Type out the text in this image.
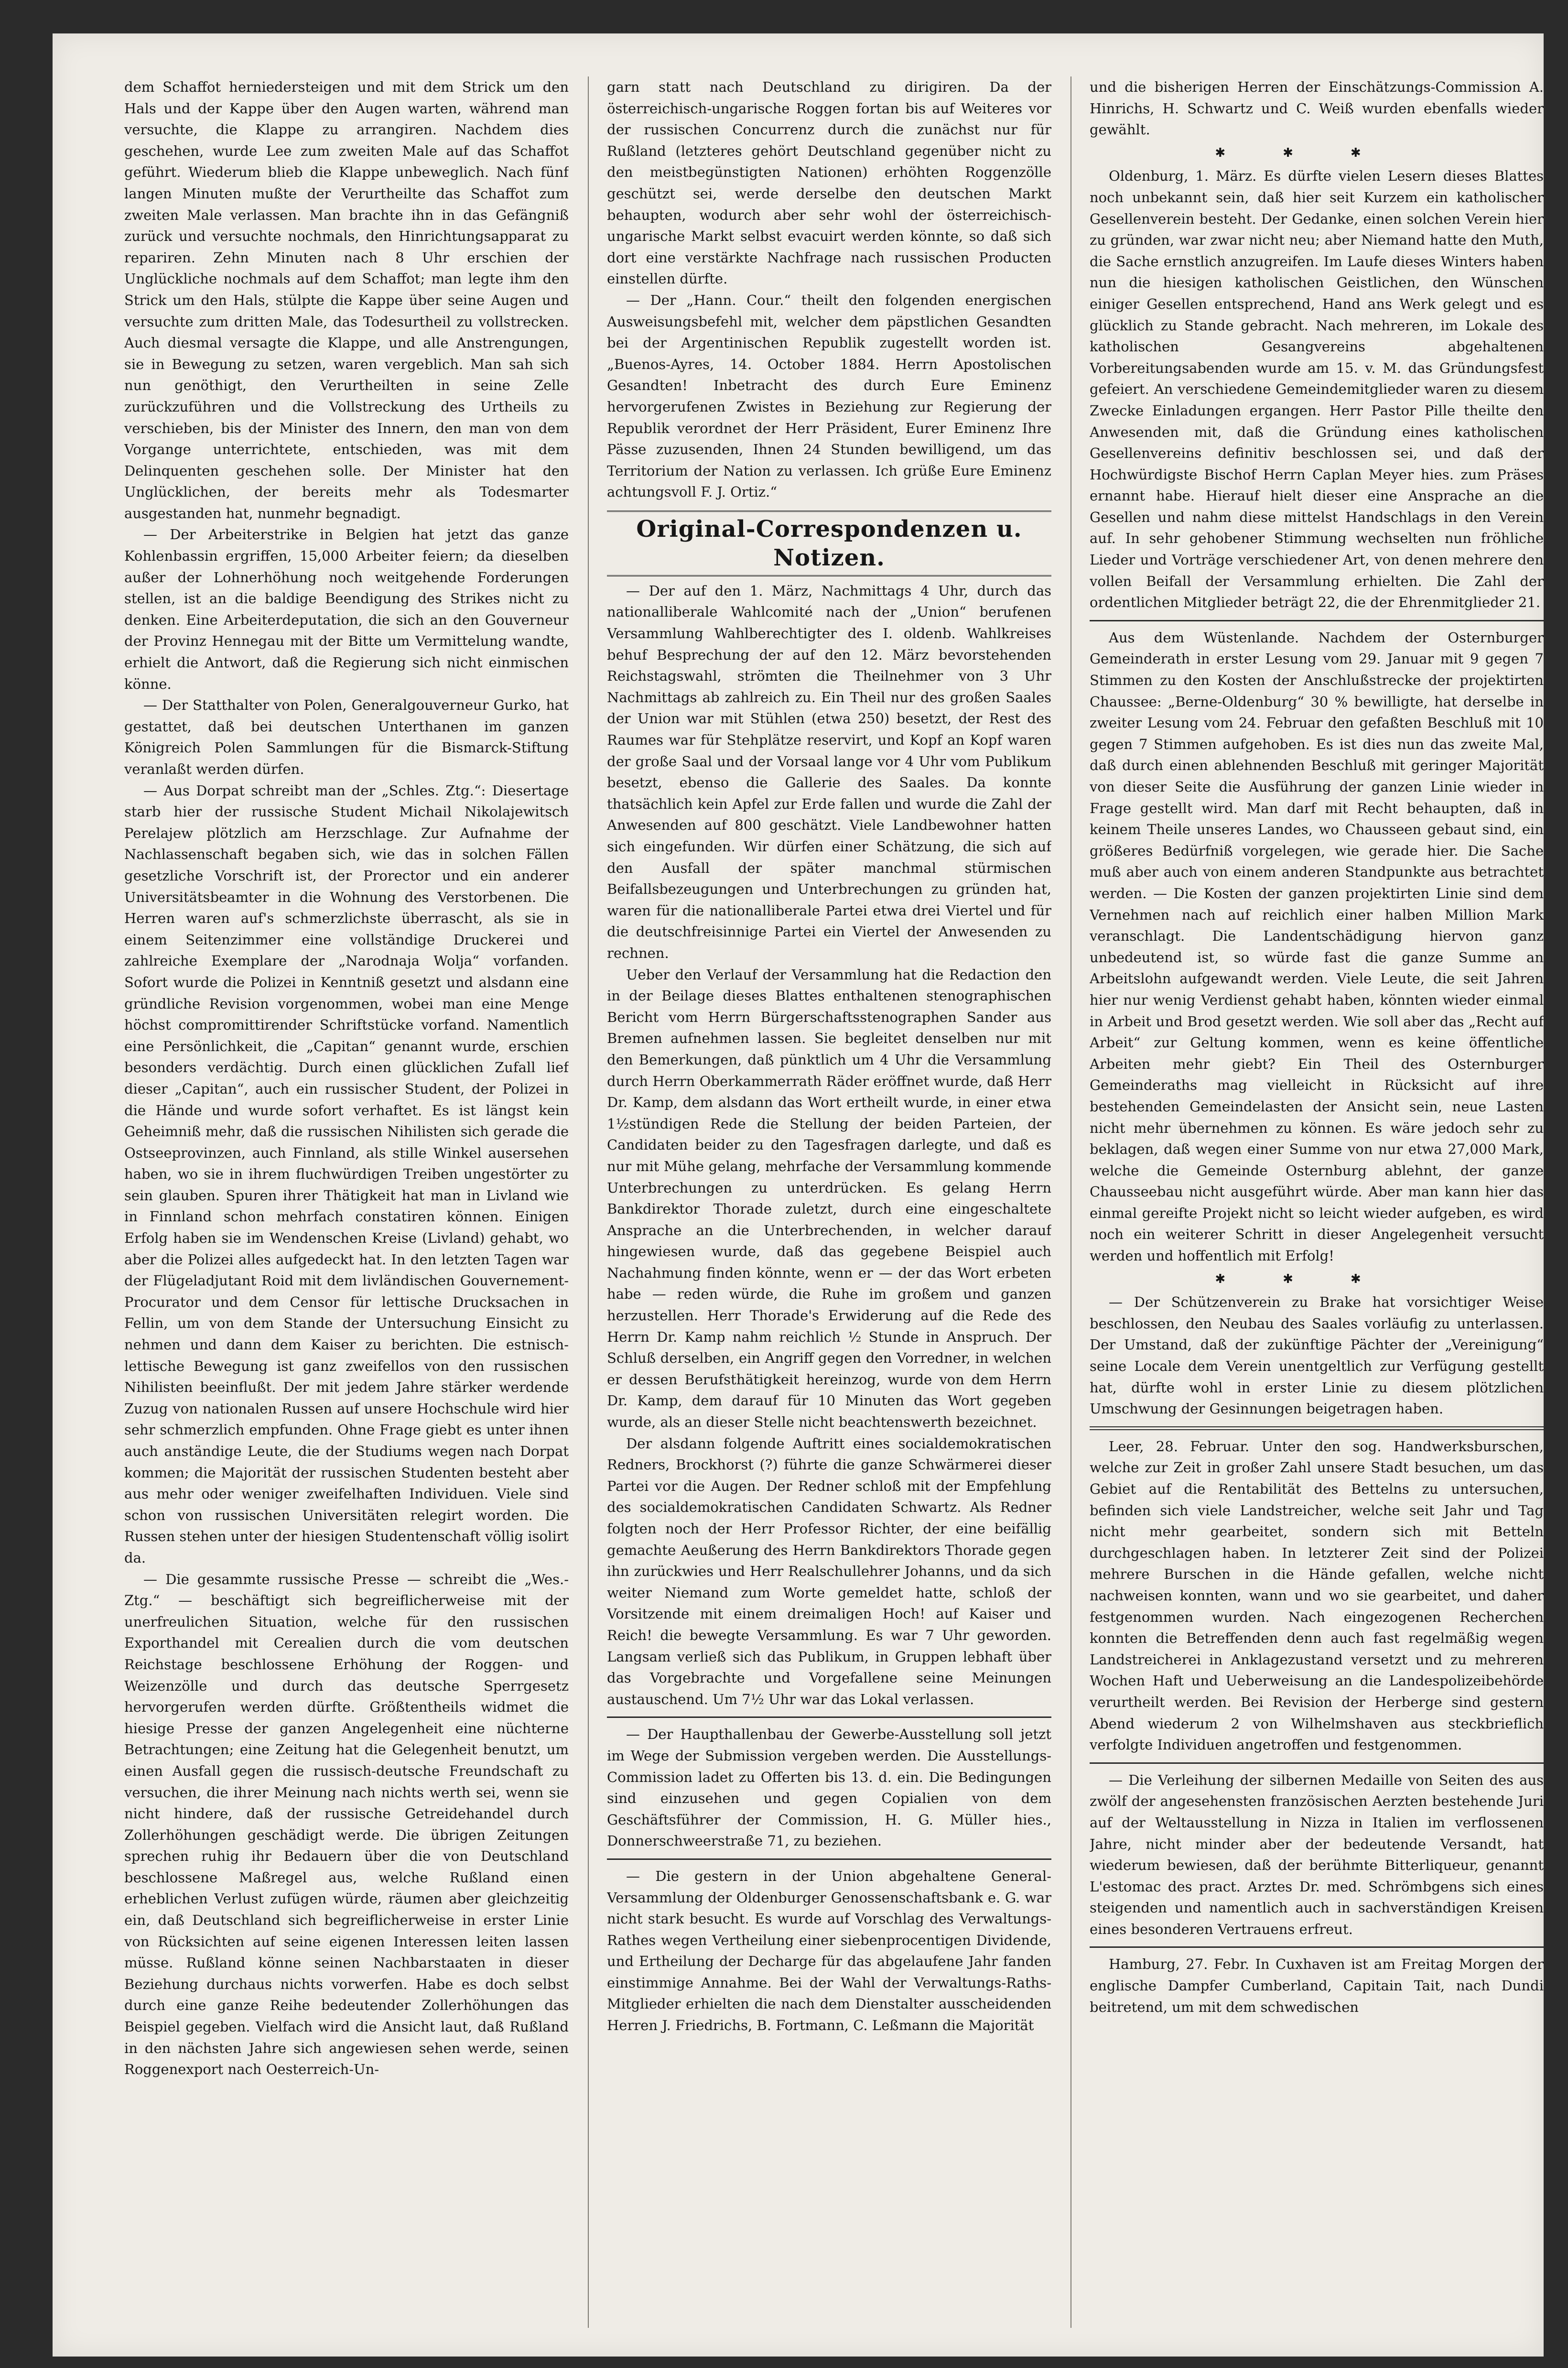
dem Schaffot herniedersteigen und mit dem Strick um den Hals und der Kappe über den Augen warten, während man versuchte, die Klappe zu arrangiren. Nachdem dies geschehen, wurde Lee zum zweiten Male auf das Schaffot geführt. Wiederum blieb die Klappe unbeweglich. Nach fünf langen Minuten mußte der Verurtheilte das Schaffot zum zweiten Male verlassen. Man brachte ihn in das Gefängniß zurück und versuchte nochmals, den Hinrichtungsapparat zu repariren. Zehn Minuten nach 8 Uhr erschien der Unglückliche nochmals auf dem Schaffot; man legte ihm den Strick um den Hals, stülpte die Kappe über seine Augen und versuchte zum dritten Male, das Todesurtheil zu vollstrecken. Auch diesmal versagte die Klappe, und alle Anstrengungen, sie in Bewegung zu setzen, waren vergeblich. Man sah sich nun genöthigt, den Verurtheilten in seine Zelle zurückzuführen und die Vollstreckung des Urtheils zu verschieben, bis der Minister des Innern, den man von dem Vorgange unterrichtete, entschieden, was mit dem Delinquenten geschehen solle. Der Minister hat den Unglücklichen, der bereits mehr als Todesmarter ausgestanden hat, nunmehr begnadigt.

— Der Arbeiterstrike in Belgien hat jetzt das ganze Kohlenbassin ergriffen, 15,000 Arbeiter feiern; da dieselben außer der Lohnerhöhung noch weitgehende Forderungen stellen, ist an die baldige Beendigung des Strikes nicht zu denken. Eine Arbeiterdeputation, die sich an den Gouverneur der Provinz Hennegau mit der Bitte um Vermittelung wandte, erhielt die Antwort, daß die Regierung sich nicht einmischen könne.

— Der Statthalter von Polen, Generalgouverneur Gurko, hat gestattet, daß bei deutschen Unterthanen im ganzen Königreich Polen Sammlungen für die Bismarck-Stiftung veranlaßt werden dürfen.

— Aus Dorpat schreibt man der „Schles. Ztg.“: Diesertage starb hier der russische Student Michail Nikolajewitsch Perelajew plötzlich am Herzschlage. Zur Aufnahme der Nachlassenschaft begaben sich, wie das in solchen Fällen gesetzliche Vorschrift ist, der Prorector und ein anderer Universitätsbeamter in die Wohnung des Verstorbenen. Die Herren waren auf's schmerzlichste überrascht, als sie in einem Seitenzimmer eine vollständige Druckerei und zahlreiche Exemplare der „Narodnaja Wolja“ vorfanden. Sofort wurde die Polizei in Kenntniß gesetzt und alsdann eine gründliche Revision vorgenommen, wobei man eine Menge höchst compromittirender Schriftstücke vorfand. Namentlich eine Persönlichkeit, die „Capitan“ genannt wurde, erschien besonders verdächtig. Durch einen glücklichen Zufall lief dieser „Capitan“, auch ein russischer Student, der Polizei in die Hände und wurde sofort verhaftet. Es ist längst kein Geheimniß mehr, daß die russischen Nihilisten sich gerade die Ostseeprovinzen, auch Finnland, als stille Winkel ausersehen haben, wo sie in ihrem fluchwürdigen Treiben ungestörter zu sein glauben. Spuren ihrer Thätigkeit hat man in Livland wie in Finnland schon mehrfach constatiren können. Einigen Erfolg haben sie im Wendenschen Kreise (Livland) gehabt, wo aber die Polizei alles aufgedeckt hat. In den letzten Tagen war der Flügeladjutant Roid mit dem livländischen Gouvernement-Procurator und dem Censor für lettische Drucksachen in Fellin, um von dem Stande der Untersuchung Einsicht zu nehmen und dann dem Kaiser zu berichten. Die estnisch-lettische Bewegung ist ganz zweifellos von den russischen Nihilisten beeinflußt. Der mit jedem Jahre stärker werdende Zuzug von nationalen Russen auf unsere Hochschule wird hier sehr schmerzlich empfunden. Ohne Frage giebt es unter ihnen auch anständige Leute, die der Studiums wegen nach Dorpat kommen; die Majorität der russischen Studenten besteht aber aus mehr oder weniger zweifelhaften Individuen. Viele sind schon von russischen Universitäten relegirt worden. Die Russen stehen unter der hiesigen Studentenschaft völlig isolirt da.

— Die gesammte russische Presse — schreibt die „Wes.-Ztg.“ — beschäftigt sich begreiflicherweise mit der unerfreulichen Situation, welche für den russischen Exporthandel mit Cerealien durch die vom deutschen Reichstage beschlossene Erhöhung der Roggen- und Weizenzölle und durch das deutsche Sperrgesetz hervorgerufen werden dürfte. Größtentheils widmet die hiesige Presse der ganzen Angelegenheit eine nüchterne Betrachtungen; eine Zeitung hat die Gelegenheit benutzt, um einen Ausfall gegen die russisch-deutsche Freundschaft zu versuchen, die ihrer Meinung nach nichts werth sei, wenn sie nicht hindere, daß der russische Getreidehandel durch Zollerhöhungen geschädigt werde. Die übrigen Zeitungen sprechen ruhig ihr Bedauern über die von Deutschland beschlossene Maßregel aus, welche Rußland einen erheblichen Verlust zufügen würde, räumen aber gleichzeitig ein, daß Deutschland sich begreiflicherweise in erster Linie von Rücksichten auf seine eigenen Interessen leiten lassen müsse. Rußland könne seinen Nachbarstaaten in dieser Beziehung durchaus nichts vorwerfen. Habe es doch selbst durch eine ganze Reihe bedeutender Zollerhöhungen das Beispiel gegeben. Vielfach wird die Ansicht laut, daß Rußland in den nächsten Jahre sich angewiesen sehen werde, seinen Roggenexport nach Oesterreich-Un-

garn statt nach Deutschland zu dirigiren. Da der österreichisch-ungarische Roggen fortan bis auf Weiteres vor der russischen Concurrenz durch die zunächst nur für Rußland (letzteres gehört Deutschland gegenüber nicht zu den meistbegünstigten Nationen) erhöhten Roggenzölle geschützt sei, werde derselbe den deutschen Markt behaupten, wodurch aber sehr wohl der österreichisch-ungarische Markt selbst evacuirt werden könnte, so daß sich dort eine verstärkte Nachfrage nach russischen Producten einstellen dürfte.

— Der „Hann. Cour.“ theilt den folgenden energischen Ausweisungsbefehl mit, welcher dem päpstlichen Gesandten bei der Argentinischen Republik zugestellt worden ist. „Buenos-Ayres, 14. October 1884. Herrn Apostolischen Gesandten! Inbetracht des durch Eure Eminenz hervorgerufenen Zwistes in Beziehung zur Regierung der Republik verordnet der Herr Präsident, Eurer Eminenz Ihre Pässe zuzusenden, Ihnen 24 Stunden bewilligend, um das Territorium der Nation zu verlassen. Ich grüße Eure Eminenz achtungsvoll F. J. Ortiz.“

Original-Correspondenzen u. Notizen.

— Der auf den 1. März, Nachmittags 4 Uhr, durch das nationalliberale Wahlcomité nach der „Union“ berufenen Versammlung Wahlberechtigter des I. oldenb. Wahlkreises behuf Besprechung der auf den 12. März bevorstehenden Reichstagswahl, strömten die Theilnehmer von 3 Uhr Nachmittags ab zahlreich zu. Ein Theil nur des großen Saales der Union war mit Stühlen (etwa 250) besetzt, der Rest des Raumes war für Stehplätze reservirt, und Kopf an Kopf waren der große Saal und der Vorsaal lange vor 4 Uhr vom Publikum besetzt, ebenso die Gallerie des Saales. Da konnte thatsächlich kein Apfel zur Erde fallen und wurde die Zahl der Anwesenden auf 800 geschätzt. Viele Landbewohner hatten sich eingefunden. Wir dürfen einer Schätzung, die sich auf den Ausfall der später manchmal stürmischen Beifallsbezeugungen und Unterbrechungen zu gründen hat, waren für die nationalliberale Partei etwa drei Viertel und für die deutschfreisinnige Partei ein Viertel der Anwesenden zu rechnen.

Ueber den Verlauf der Versammlung hat die Redaction den in der Beilage dieses Blattes enthaltenen stenographischen Bericht vom Herrn Bürgerschaftsstenographen Sander aus Bremen aufnehmen lassen. Sie begleitet denselben nur mit den Bemerkungen, daß pünktlich um 4 Uhr die Versammlung durch Herrn Oberkammerrath Räder eröffnet wurde, daß Herr Dr. Kamp, dem alsdann das Wort ertheilt wurde, in einer etwa 1½stündigen Rede die Stellung der beiden Parteien, der Candidaten beider zu den Tagesfragen darlegte, und daß es nur mit Mühe gelang, mehrfache der Versammlung kommende Unterbrechungen zu unterdrücken. Es gelang Herrn Bankdirektor Thorade zuletzt, durch eine eingeschaltete Ansprache an die Unterbrechenden, in welcher darauf hingewiesen wurde, daß das gegebene Beispiel auch Nachahmung finden könnte, wenn er — der das Wort erbeten habe — reden würde, die Ruhe im großem und ganzen herzustellen. Herr Thorade's Erwiderung auf die Rede des Herrn Dr. Kamp nahm reichlich ½ Stunde in Anspruch. Der Schluß derselben, ein Angriff gegen den Vorredner, in welchen er dessen Berufsthätigkeit hereinzog, wurde von dem Herrn Dr. Kamp, dem darauf für 10 Minuten das Wort gegeben wurde, als an dieser Stelle nicht beachtenswerth bezeichnet.

Der alsdann folgende Auftritt eines socialdemokratischen Redners, Brockhorst (?) führte die ganze Schwärmerei dieser Partei vor die Augen. Der Redner schloß mit der Empfehlung des socialdemokratischen Candidaten Schwartz. Als Redner folgten noch der Herr Professor Richter, der eine beifällig gemachte Aeußerung des Herrn Bankdirektors Thorade gegen ihn zurückwies und Herr Realschullehrer Johanns, und da sich weiter Niemand zum Worte gemeldet hatte, schloß der Vorsitzende mit einem dreimaligen Hoch! auf Kaiser und Reich! die bewegte Versammlung. Es war 7 Uhr geworden. Langsam verließ sich das Publikum, in Gruppen lebhaft über das Vorgebrachte und Vorgefallene seine Meinungen austauschend. Um 7½ Uhr war das Lokal verlassen.

— Der Haupthallenbau der Gewerbe-Ausstellung soll jetzt im Wege der Submission vergeben werden. Die Ausstellungs-Commission ladet zu Offerten bis 13. d. ein. Die Bedingungen sind einzusehen und gegen Copialien von dem Geschäftsführer der Commission, H. G. Müller hies., Donnerschweerstraße 71, zu beziehen.

— Die gestern in der Union abgehaltene General-Versammlung der Oldenburger Genossenschaftsbank e. G. war nicht stark besucht. Es wurde auf Vorschlag des Verwaltungs-Rathes wegen Vertheilung einer siebenprocentigen Dividende, und Ertheilung der Decharge für das abgelaufene Jahr fanden einstimmige Annahme. Bei der Wahl der Verwaltungs-Raths-Mitglieder erhielten die nach dem Dienstalter ausscheidenden Herren J. Friedrichs, B. Fortmann, C. Leßmann die Majorität

und die bisherigen Herren der Einschätzungs-Commission A. Hinrichs, H. Schwartz und C. Weiß wurden ebenfalls wieder gewählt.

✱✱✱

Oldenburg, 1. März. Es dürfte vielen Lesern dieses Blattes noch unbekannt sein, daß hier seit Kurzem ein katholischer Gesellenverein besteht. Der Gedanke, einen solchen Verein hier zu gründen, war zwar nicht neu; aber Niemand hatte den Muth, die Sache ernstlich anzugreifen. Im Laufe dieses Winters haben nun die hiesigen katholischen Geistlichen, den Wünschen einiger Gesellen entsprechend, Hand ans Werk gelegt und es glücklich zu Stande gebracht. Nach mehreren, im Lokale des katholischen Gesangvereins abgehaltenen Vorbereitungsabenden wurde am 15. v. M. das Gründungsfest gefeiert. An verschiedene Gemeindemitglieder waren zu diesem Zwecke Einladungen ergangen. Herr Pastor Pille theilte den Anwesenden mit, daß die Gründung eines katholischen Gesellenvereins definitiv beschlossen sei, und daß der Hochwürdigste Bischof Herrn Caplan Meyer hies. zum Präses ernannt habe. Hierauf hielt dieser eine Ansprache an die Gesellen und nahm diese mittelst Handschlags in den Verein auf. In sehr gehobener Stimmung wechselten nun fröhliche Lieder und Vorträge verschiedener Art, von denen mehrere den vollen Beifall der Versammlung erhielten. Die Zahl der ordentlichen Mitglieder beträgt 22, die der Ehrenmitglieder 21.

Aus dem Wüstenlande. Nachdem der Osternburger Gemeinderath in erster Lesung vom 29. Januar mit 9 gegen 7 Stimmen zu den Kosten der Anschlußstrecke der projektirten Chaussee: „Berne-Oldenburg“ 30 % bewilligte, hat derselbe in zweiter Lesung vom 24. Februar den gefaßten Beschluß mit 10 gegen 7 Stimmen aufgehoben. Es ist dies nun das zweite Mal, daß durch einen ablehnenden Beschluß mit geringer Majorität von dieser Seite die Ausführung der ganzen Linie wieder in Frage gestellt wird. Man darf mit Recht behaupten, daß in keinem Theile unseres Landes, wo Chausseen gebaut sind, ein größeres Bedürfniß vorgelegen, wie gerade hier. Die Sache muß aber auch von einem anderen Standpunkte aus betrachtet werden. — Die Kosten der ganzen projektirten Linie sind dem Vernehmen nach auf reichlich einer halben Million Mark veranschlagt. Die Landentschädigung hiervon ganz unbedeutend ist, so würde fast die ganze Summe an Arbeitslohn aufgewandt werden. Viele Leute, die seit Jahren hier nur wenig Verdienst gehabt haben, könnten wieder einmal in Arbeit und Brod gesetzt werden. Wie soll aber das „Recht auf Arbeit“ zur Geltung kommen, wenn es keine öffentliche Arbeiten mehr giebt? Ein Theil des Osternburger Gemeinderaths mag vielleicht in Rücksicht auf ihre bestehenden Gemeindelasten der Ansicht sein, neue Lasten nicht mehr übernehmen zu können. Es wäre jedoch sehr zu beklagen, daß wegen einer Summe von nur etwa 27,000 Mark, welche die Gemeinde Osternburg ablehnt, der ganze Chausseebau nicht ausgeführt würde. Aber man kann hier das einmal gereifte Projekt nicht so leicht wieder aufgeben, es wird noch ein weiterer Schritt in dieser Angelegenheit versucht werden und hoffentlich mit Erfolg!

✱✱✱

— Der Schützenverein zu Brake hat vorsichtiger Weise beschlossen, den Neubau des Saales vorläufig zu unterlassen. Der Umstand, daß der zukünftige Pächter der „Vereinigung“ seine Locale dem Verein unentgeltlich zur Verfügung gestellt hat, dürfte wohl in erster Linie zu diesem plötzlichen Umschwung der Gesinnungen beigetragen haben.

Leer, 28. Februar. Unter den sog. Handwerksburschen, welche zur Zeit in großer Zahl unsere Stadt besuchen, um das Gebiet auf die Rentabilität des Bettelns zu untersuchen, befinden sich viele Landstreicher, welche seit Jahr und Tag nicht mehr gearbeitet, sondern sich mit Betteln durchgeschlagen haben. In letzterer Zeit sind der Polizei mehrere Burschen in die Hände gefallen, welche nicht nachweisen konnten, wann und wo sie gearbeitet, und daher festgenommen wurden. Nach eingezogenen Recherchen konnten die Betreffenden denn auch fast regelmäßig wegen Landstreicherei in Anklagezustand versetzt und zu mehreren Wochen Haft und Ueberweisung an die Landespolizeibehörde verurtheilt werden. Bei Revision der Herberge sind gestern Abend wiederum 2 von Wilhelmshaven aus steckbrieflich verfolgte Individuen angetroffen und festgenommen.

— Die Verleihung der silbernen Medaille von Seiten des aus zwölf der angesehensten französischen Aerzten bestehende Juri auf der Weltausstellung in Nizza in Italien im verflossenen Jahre, nicht minder aber der bedeutende Versandt, hat wiederum bewiesen, daß der berühmte Bitterliqueur, genannt L'estomac des pract. Arztes Dr. med. Schrömbgens sich eines steigenden und namentlich auch in sachverständigen Kreisen eines besonderen Vertrauens erfreut.

Hamburg, 27. Febr. In Cuxhaven ist am Freitag Morgen der englische Dampfer Cumberland, Capitain Tait, nach Dundi beitretend, um mit dem schwedischen
